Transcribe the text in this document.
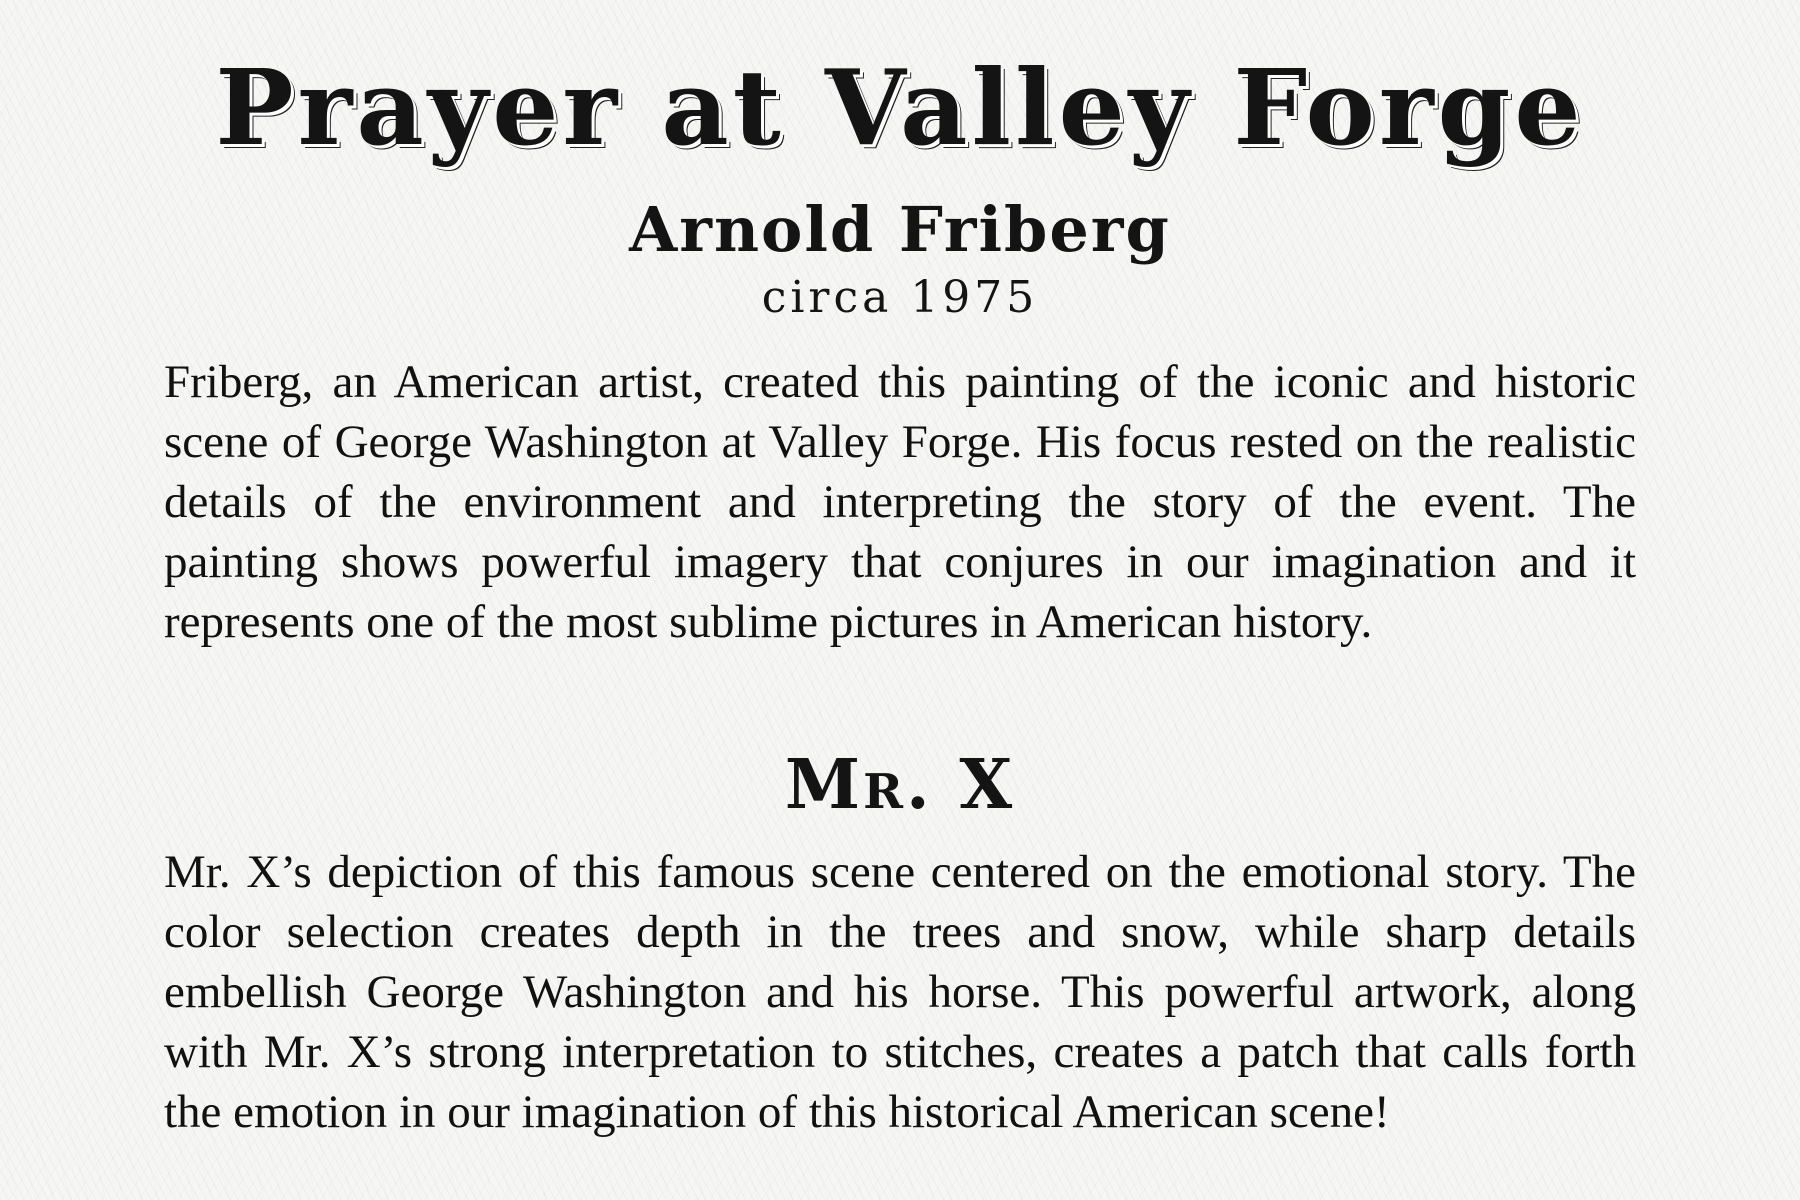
Prayer at Valley Forge
Arnold Friberg
circa 1975

Friberg, an American artist, created this painting of the iconic and historic scene of George Washington at Valley Forge. His focus rested on the realistic details of the environment and interpreting the story of the event. The painting shows powerful imagery that conjures in our imagination and it represents one of the most sublime pictures in American history.

Mr. X

Mr. X’s depiction of this famous scene centered on the emotional story. The color selection creates depth in the trees and snow, while sharp details embellish George Washington and his horse. This powerful artwork, along with Mr. X’s strong interpretation to stitches, creates a patch that calls forth the emotion in our imagination of this historical American scene!
